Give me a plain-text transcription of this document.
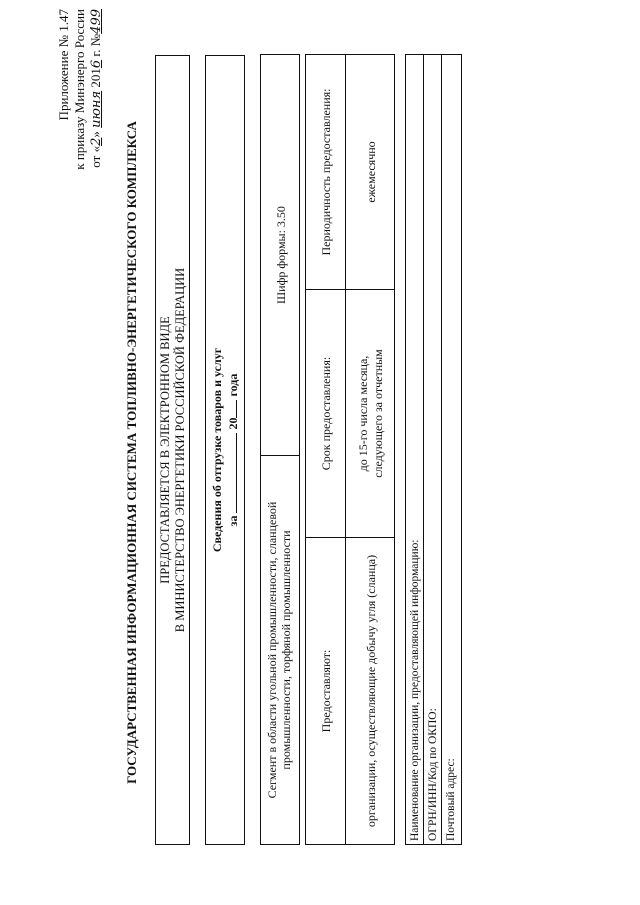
Приложение № 1.47 к приказу Минэнерго России от «2» июня 2016 г. №499
ГОСУДАРСТВЕННАЯ ИНФОРМАЦИОННАЯ СИСТЕМА ТОПЛИВНО-ЭНЕРГЕТИЧЕСКОГО КОМПЛЕКСА ПРЕДОСТАВЛЯЕТСЯ В ЭЛЕКТРОННОМ ВИДЕ В МИНИСТЕРСТВО ЭНЕРГЕТИКИ РОССИЙСКОЙ ФЕДЕРАЦИИ Сведения об отгрузке товаров и услуг за  20 года
Сегмент в области угольной промышленности, сланцевой промышленности, торфяной промышленности
Шифр формы: 3.50
Предоставляют:
Срок предоставления:
Периодичность предоставления:
организации, осуществляющие добычу угля (сланца)
до 15-го числа месяца, следующего за отчетным
ежемесячно
Наименование организации, предоставляющей информацию: ОГРН/ИНН/Код по ОКПО: Почтовый адрес:
